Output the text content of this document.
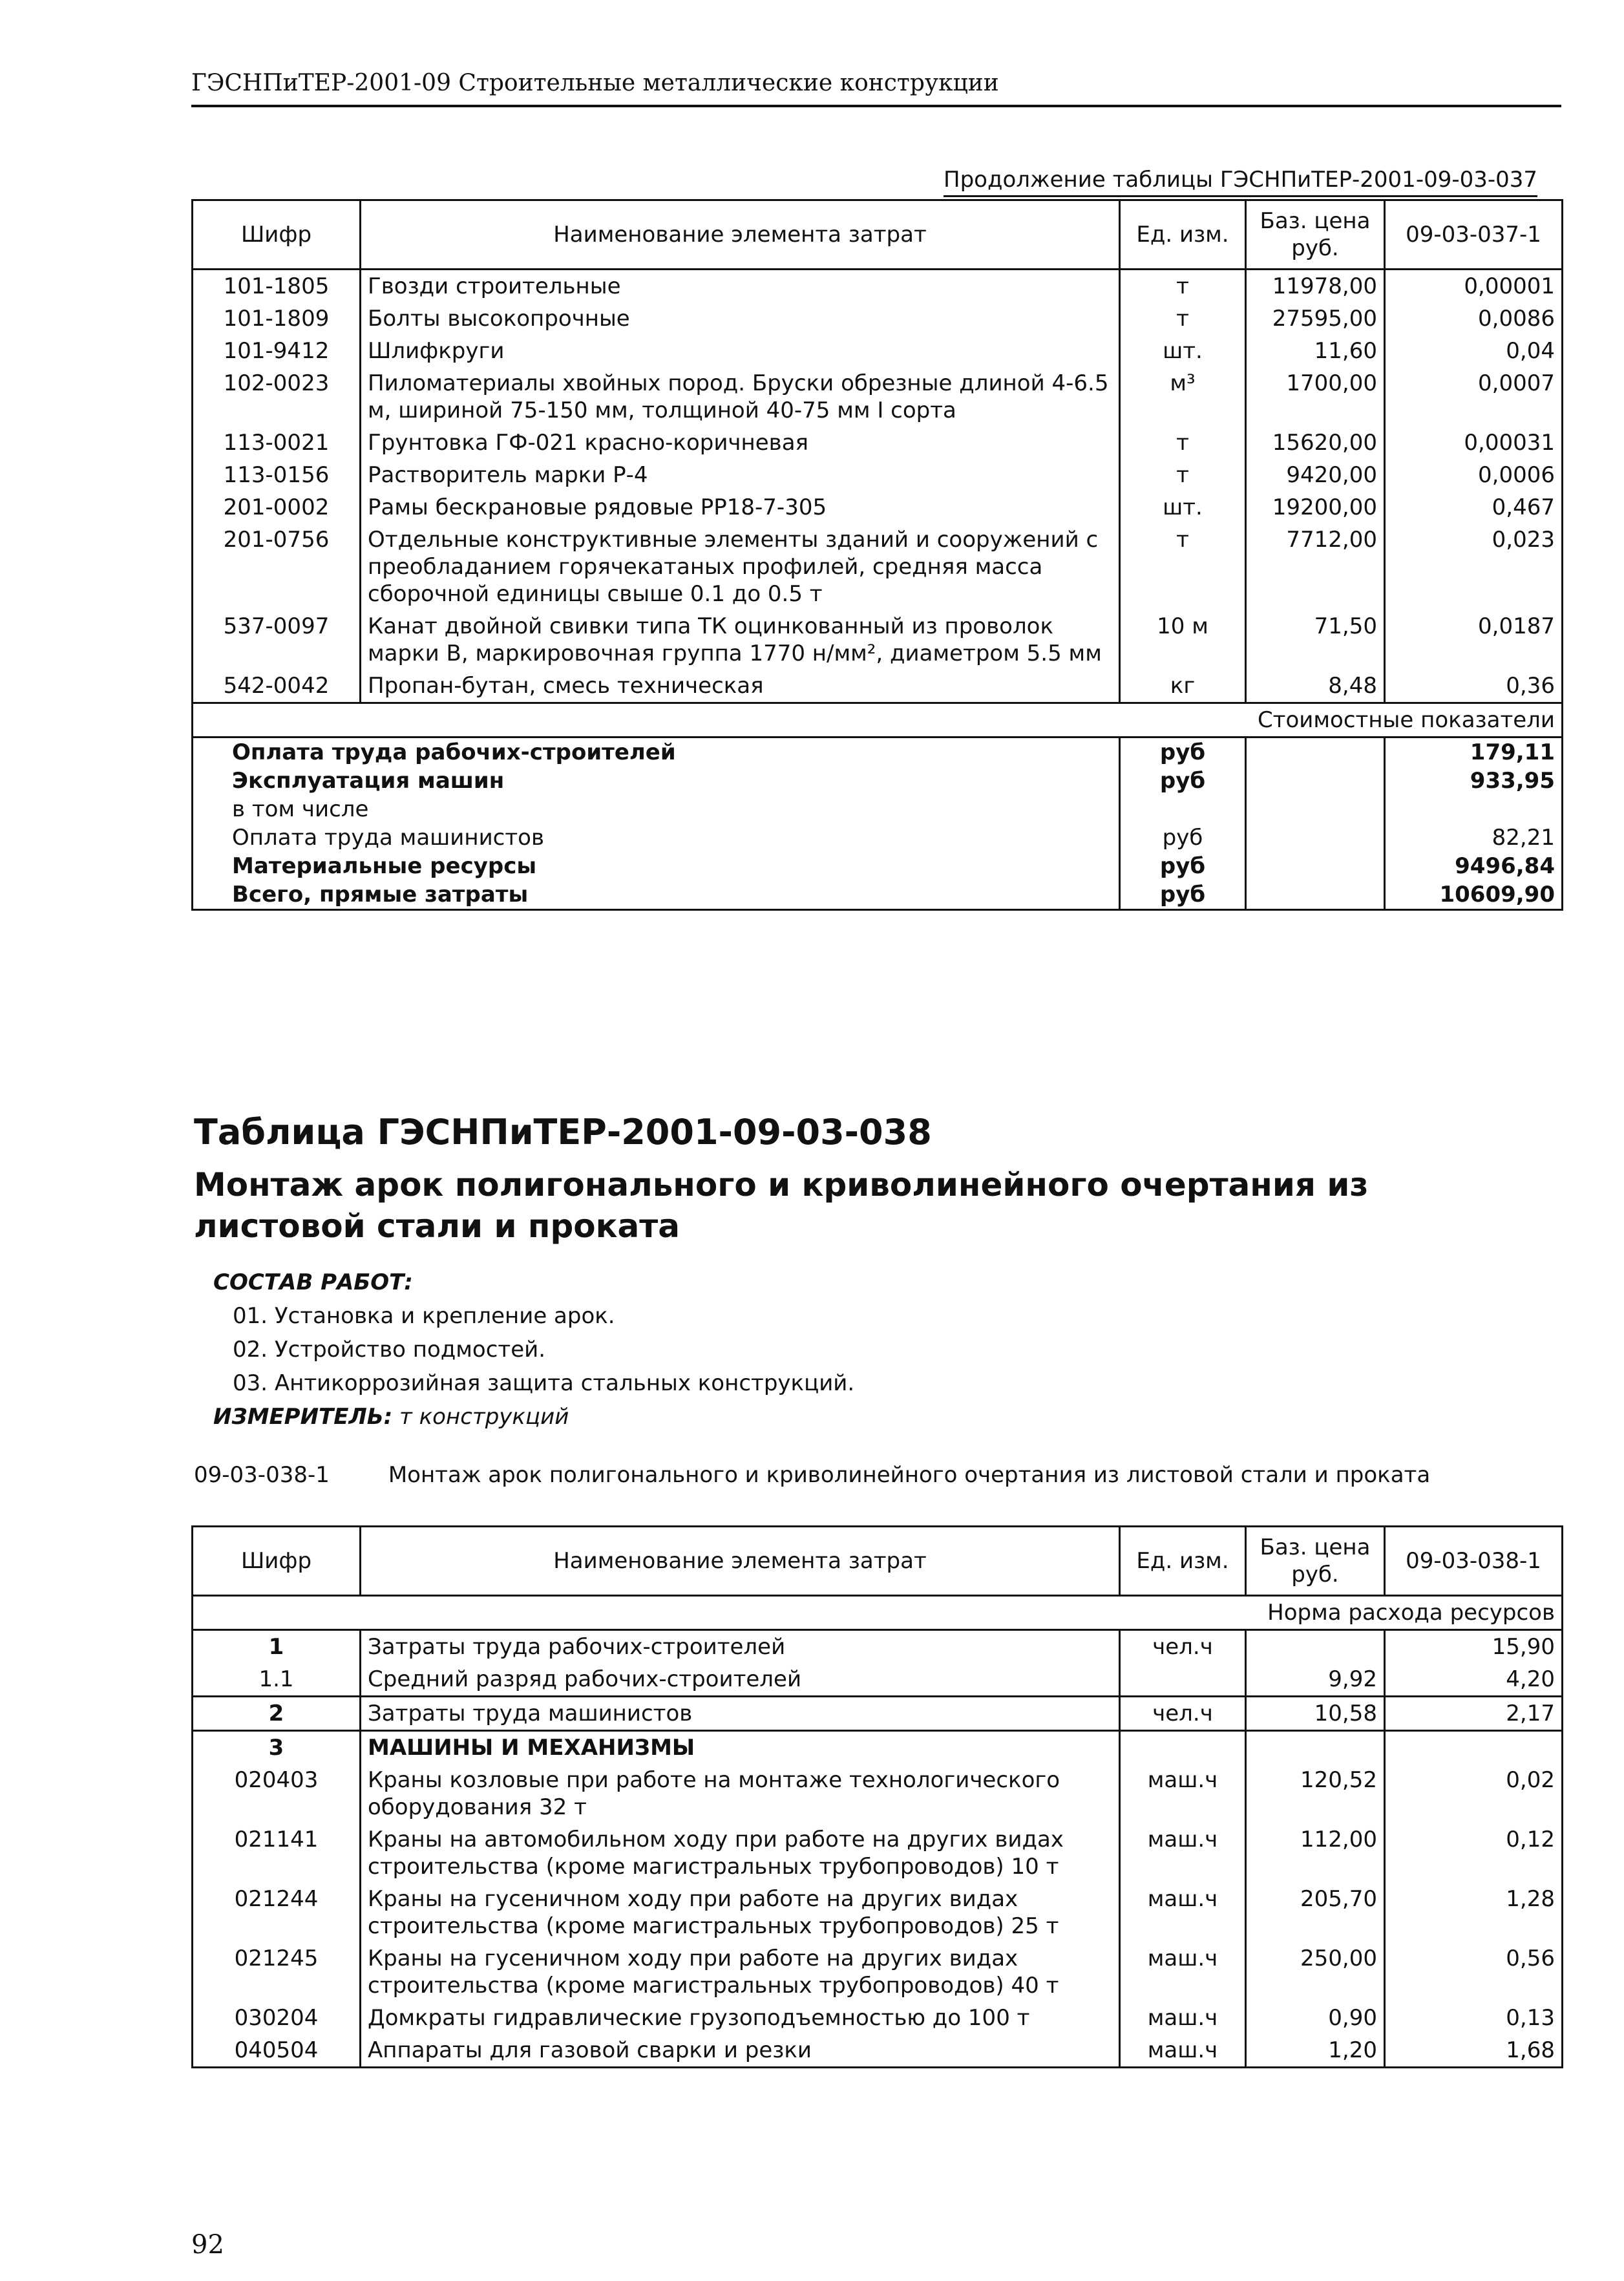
ГЭСНПиТЕР-2001-09 Строительные металлические конструкции
Продолжение таблицы ГЭСНПиТЕР-2001-09-03-037
Шифр	Наименование элемента затрат	Ед. изм.	Баз. цена руб.	09-03-037-1
101-1805	Гвозди строительные	т	11978,00	0,00001
101-1809	Болты высокопрочные	т	27595,00	0,0086
101-9412	Шлифкруги	шт.	11,60	0,04
102-0023	Пиломатериалы хвойных пород. Бруски обрезные длиной 4-6.5 м, шириной 75-150 мм, толщиной 40-75 мм I сорта	м³	1700,00	0,0007
113-0021	Грунтовка ГФ-021 красно-коричневая	т	15620,00	0,00031
113-0156	Растворитель марки Р-4	т	9420,00	0,0006
201-0002	Рамы бескрановые рядовые РР18-7-305	шт.	19200,00	0,467
201-0756	Отдельные конструктивные элементы зданий и сооружений с преобладанием горячекатаных профилей, средняя масса сборочной единицы свыше 0.1 до 0.5 т	т	7712,00	0,023
537-0097	Канат двойной свивки типа ТК оцинкованный из проволок марки В, маркировочная группа 1770 н/мм², диаметром 5.5 мм	10 м	71,50	0,0187
542-0042	Пропан-бутан, смесь техническая	кг	8,48	0,36
Стоимостные показатели				
Оплата труда рабочих-строителей		руб		179,11
Эксплуатация машин		руб		933,95
в том числе				
Оплата труда машинистов		руб		82,21
Материальные ресурсы		руб		9496,84
Всего, прямые затраты		руб		10609,90
Таблица ГЭСНПиТЕР-2001-09-03-038
Монтаж арок полигонального и криволинейного очертания из листовой стали и проката
СОСТАВ РАБОТ:
01. Установка и крепление арок.
02. Устройство подмостей.
03. Антикоррозийная защита стальных конструкций.
ИЗМЕРИТЕЛЬ: т конструкций
09-03-038-1	Монтаж арок полигонального и криволинейного очертания из листовой стали и проката
Шифр	Наименование элемента затрат	Ед. изм.	Баз. цена руб.	09-03-038-1
Норма расхода ресурсов				
1	Затраты труда рабочих-строителей	чел.ч		15,90
1.1	Средний разряд рабочих-строителей		9,92	4,20
2	Затраты труда машинистов	чел.ч	10,58	2,17
3	МАШИНЫ И МЕХАНИЗМЫ			
020403	Краны козловые при работе на монтаже технологического оборудования 32 т	маш.ч	120,52	0,02
021141	Краны на автомобильном ходу при работе на других видах строительства (кроме магистральных трубопроводов) 10 т	маш.ч	112,00	0,12
021244	Краны на гусеничном ходу при работе на других видах строительства (кроме магистральных трубопроводов) 25 т	маш.ч	205,70	1,28
021245	Краны на гусеничном ходу при работе на других видах строительства (кроме магистральных трубопроводов) 40 т	маш.ч	250,00	0,56
030204	Домкраты гидравлические грузоподъемностью до 100 т	маш.ч	0,90	0,13
040504	Аппараты для газовой сварки и резки	маш.ч	1,20	1,68
92
